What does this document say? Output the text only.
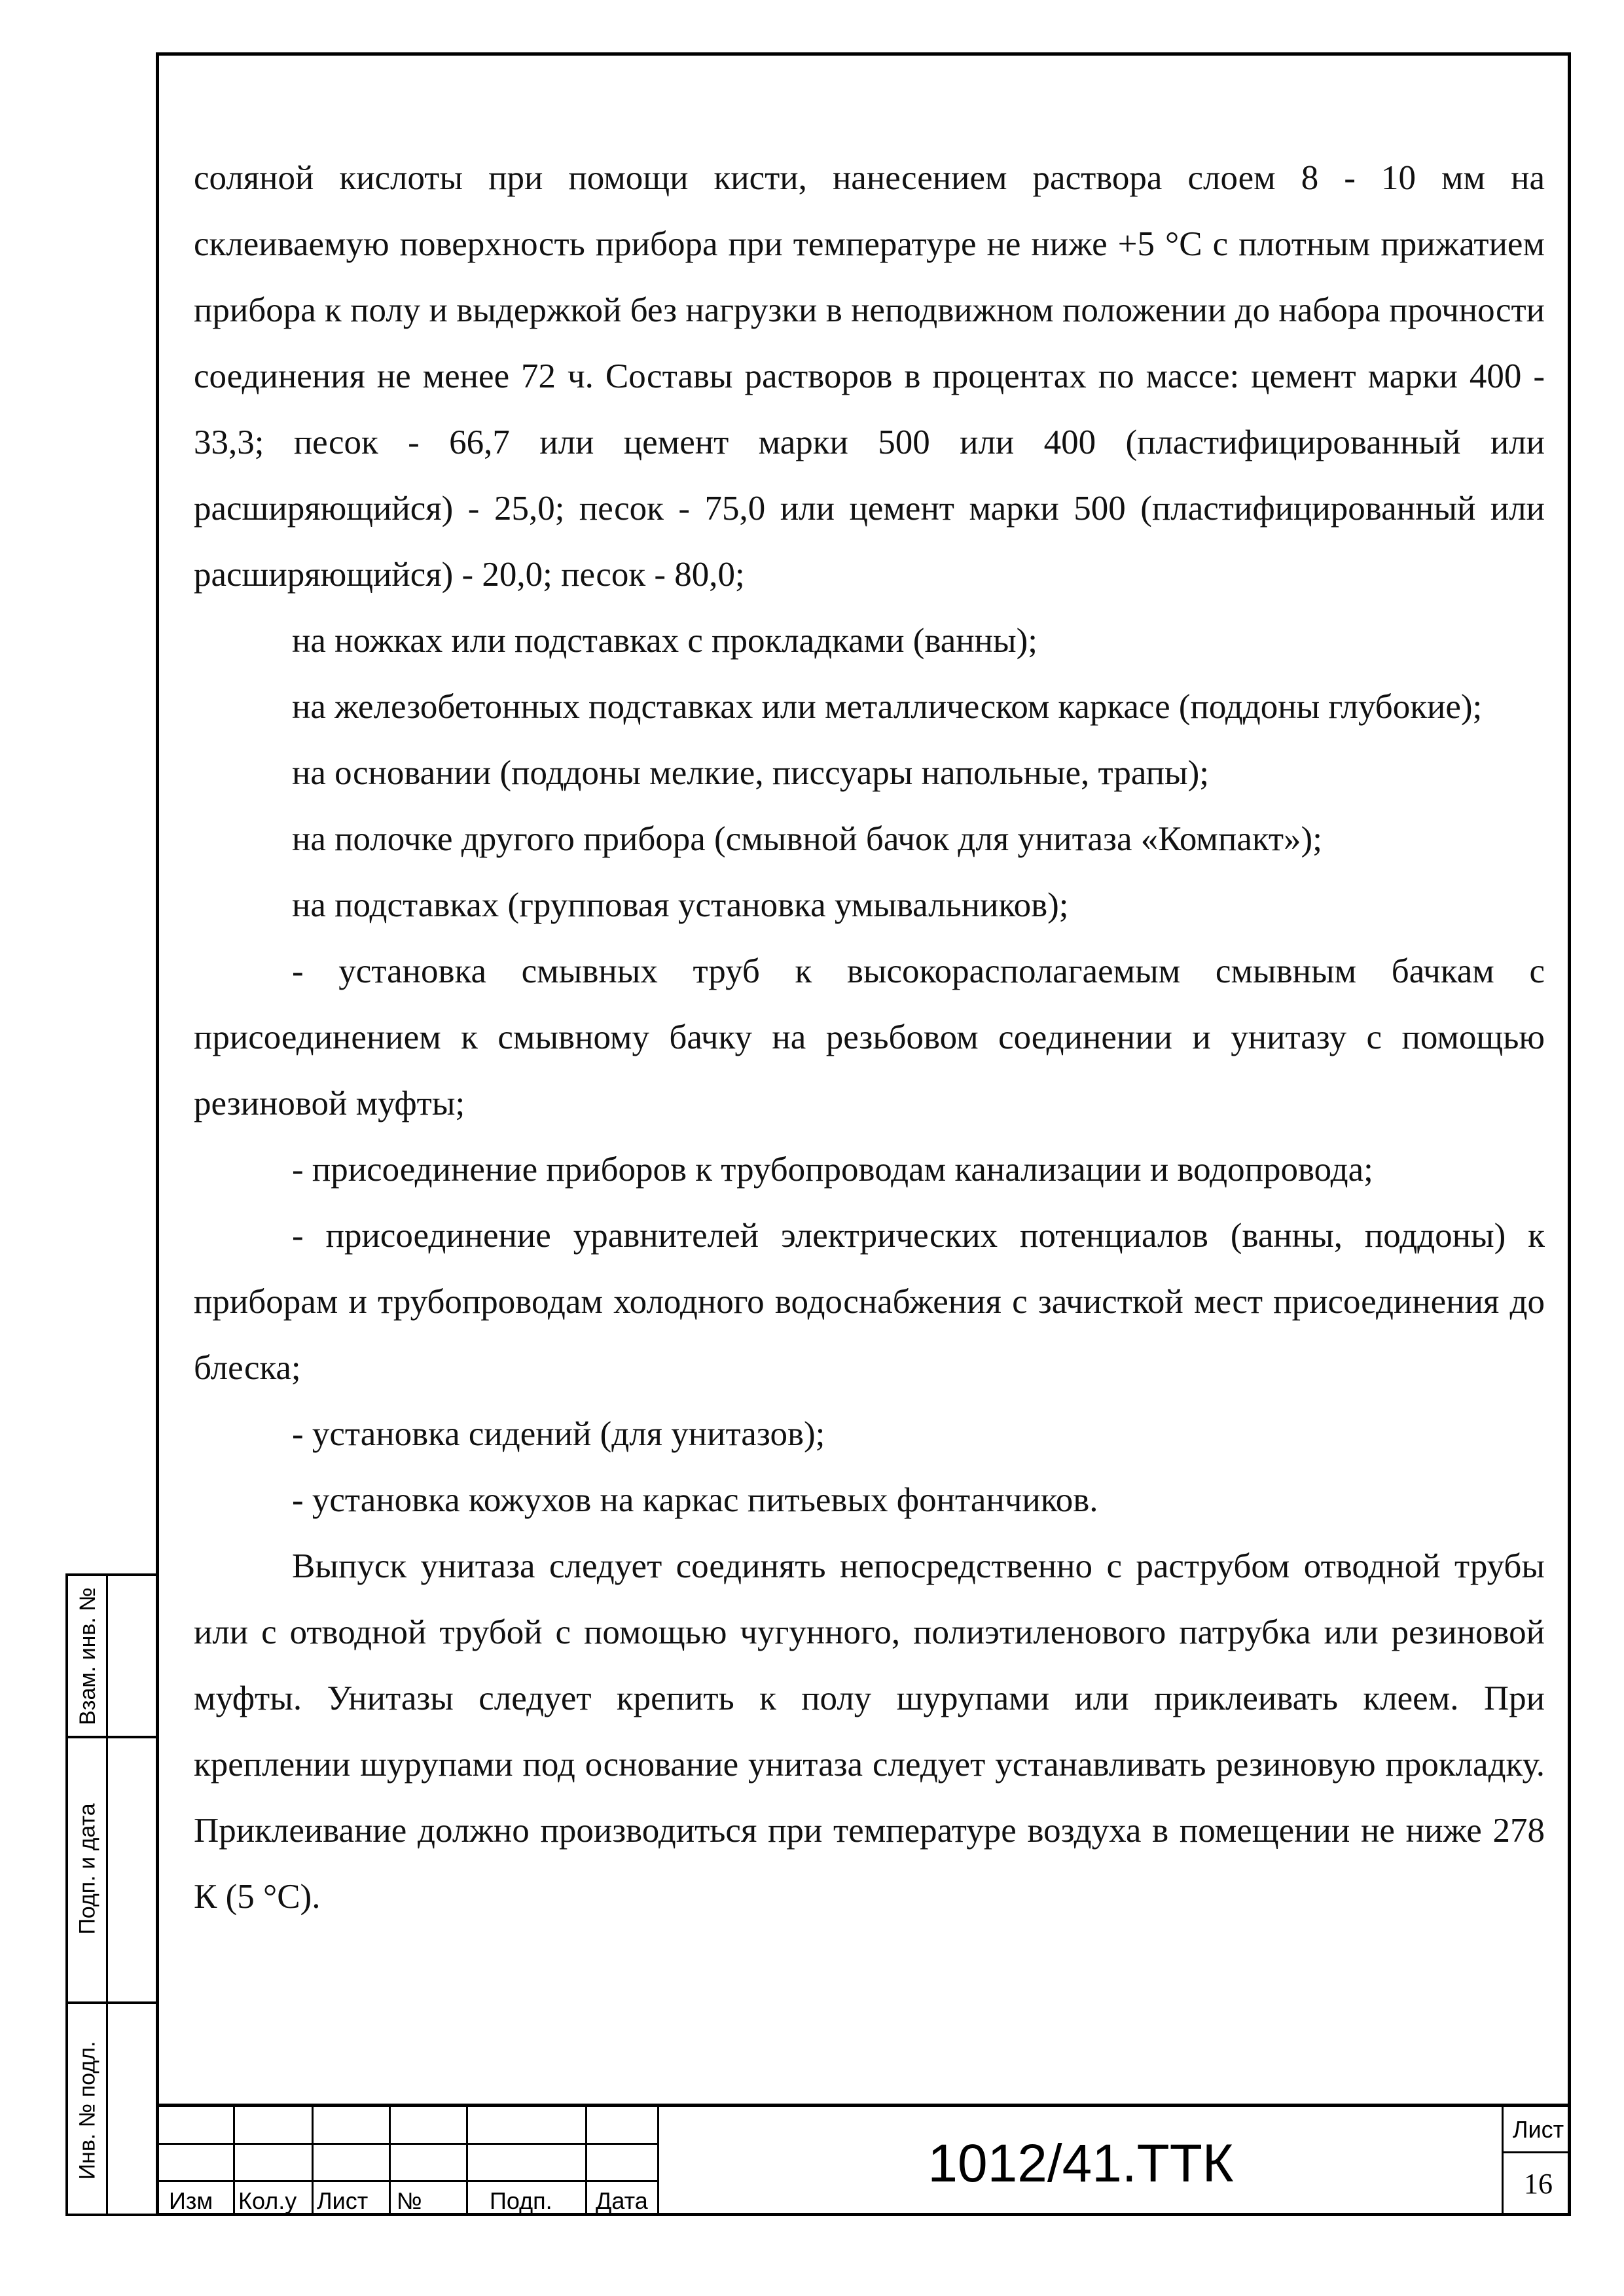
соляной кислоты при помощи кисти, нанесением раствора слоем 8 - 10 мм на склеиваемую поверхность прибора при температуре не ниже +5 °С с плотным прижатием прибора к полу и выдержкой без нагрузки в неподвижном положении до набора прочности соединения не менее 72 ч. Составы растворов в процентах по массе: цемент марки 400 - 33,3; песок - 66,7 или цемент марки 500 или 400 (пластифицированный или расширяющийся) - 25,0; песок - 75,0 или цемент марки 500 (пластифицированный или расширяющийся) - 20,0; песок - 80,0;

на ножках или подставках с прокладками (ванны);

на железобетонных подставках или металлическом каркасе (поддоны глубокие);

на основании (поддоны мелкие, писсуары напольные, трапы);

на полочке другого прибора (смывной бачок для унитаза «Компакт»);

на подставках (групповая установка умывальников);

- установка смывных труб к высокорасполагаемым смывным бачкам с присоединением к смывному бачку на резьбовом соединении и унитазу с помощью резиновой муфты;

- присоединение приборов к трубопроводам канализации и водопровода;

- присоединение уравнителей электрических потенциалов (ванны, поддоны) к приборам и трубопроводам холодного водоснабжения с зачисткой мест присоединения до блеска;

- установка сидений (для унитазов);

- установка кожухов на каркас питьевых фонтанчиков.

Выпуск унитаза следует соединять непосредственно с раструбом отводной трубы или с отводной трубой с помощью чугунного, полиэтиленового патрубка или резиновой муфты. Унитазы следует крепить к полу шурупами или приклеивать клеем. При креплении шурупами под основание унитаза следует устанавливать резиновую прокладку. Приклеивание должно производиться при температуре воздуха в помещении не ниже 278 К (5 °С).

Взам. инв. №
Подп. и дата
Инв. № подл.
Изм Кол.у Лист №	Подп. Дата
1012/41.ТТК
Лист
16
